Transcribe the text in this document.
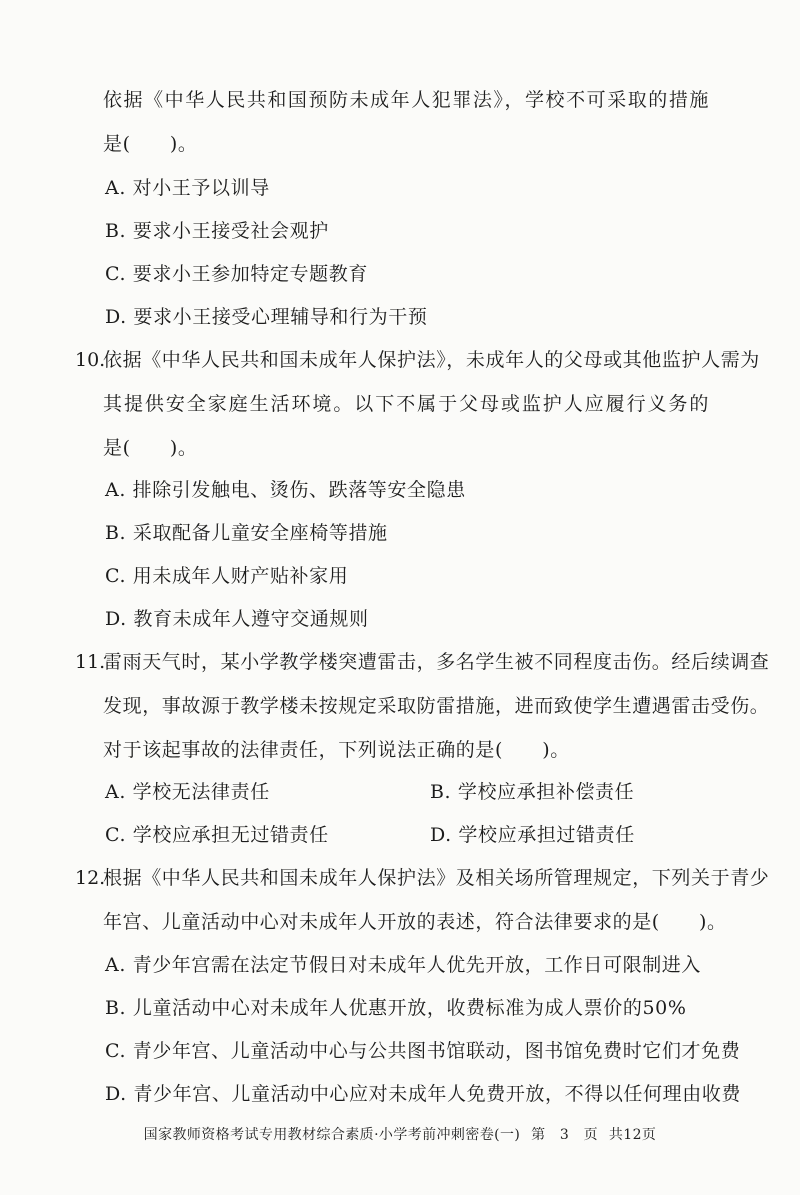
依据《中华人民共和国预防未成年人犯罪法》，学校不可采取的措施
是(　　)。
A. 对小王予以训导
B. 要求小王接受社会观护
C. 要求小王参加特定专题教育
D. 要求小王接受心理辅导和行为干预
10.
依据《中华人民共和国未成年人保护法》，未成年人的父母或其他监护人需为
其提供安全家庭生活环境。以下不属于父母或监护人应履行义务的
是(　　)。
A. 排除引发触电、烫伤、跌落等安全隐患
B. 采取配备儿童安全座椅等措施
C. 用未成年人财产贴补家用
D. 教育未成年人遵守交通规则
11.
雷雨天气时，某小学教学楼突遭雷击，多名学生被不同程度击伤。经后续调查
发现，事故源于教学楼未按规定采取防雷措施，进而致使学生遭遇雷击受伤。
对于该起事故的法律责任，下列说法正确的是(　　)。
A. 学校无法律责任	B. 学校应承担补偿责任
C. 学校应承担无过错责任	D. 学校应承担过错责任
12.
根据《中华人民共和国未成年人保护法》及相关场所管理规定，下列关于青少
年宫、儿童活动中心对未成年人开放的表述，符合法律要求的是(　　)。
A. 青少年宫需在法定节假日对未成年人优先开放，工作日可限制进入
B. 儿童活动中心对未成年人优惠开放，收费标准为成人票价的50%
C. 青少年宫、儿童活动中心与公共图书馆联动，图书馆免费时它们才免费
D. 青少年宫、儿童活动中心应对未成年人免费开放，不得以任何理由收费
国家教师资格考试专用教材综合素质·小学考前冲刺密卷(一) 第　3　页 共12页
